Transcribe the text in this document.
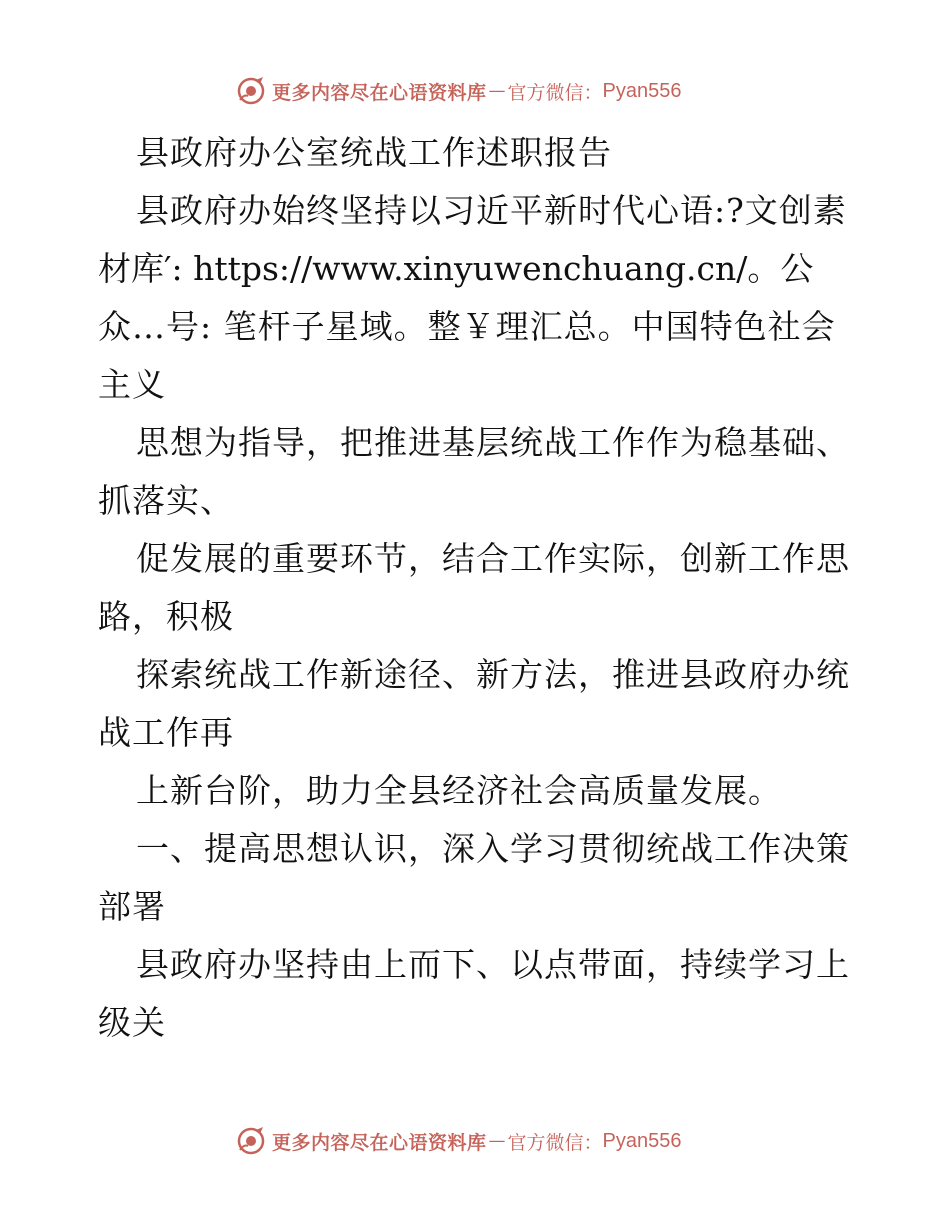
更多内容尽在心语资料库 — 官方微信： Pyan556
县政府办公室统战工作述职报告
县政府办始终坚持以习近平新时代心语:?文创素
材库′: https://www.xinyuwenchuang.cn/。公
众…号: 笔杆子星域。整￥理汇总。中国特色社会
主义
思想为指导，把推进基层统战工作作为稳基础、
抓落实、
促发展的重要环节，结合工作实际，创新工作思
路，积极
探索统战工作新途径、新方法，推进县政府办统
战工作再
上新台阶，助力全县经济社会高质量发展。
一、提高思想认识，深入学习贯彻统战工作决策
部署
县政府办坚持由上而下、以点带面，持续学习上
级关
更多内容尽在心语资料库 — 官方微信： Pyan556
